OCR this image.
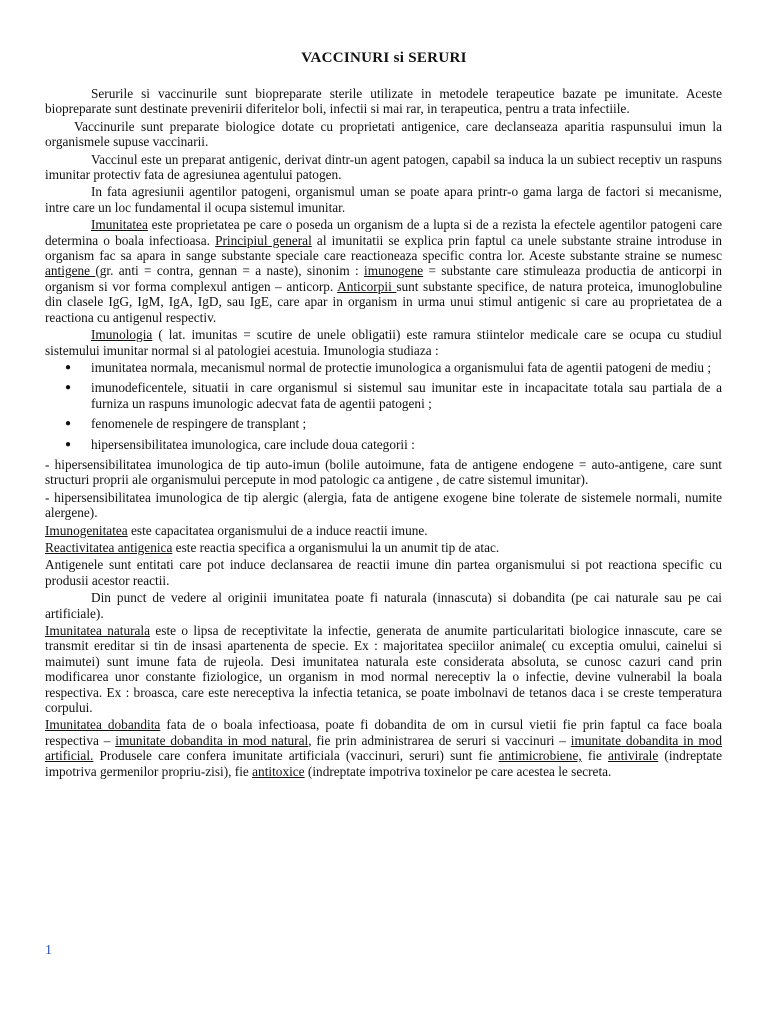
VACCINURI si SERURI

Serurile si vaccinurile sunt biopreparate sterile utilizate in metodele terapeutice bazate pe imunitate. Aceste biopreparate sunt destinate prevenirii diferitelor boli, infectii si mai rar, in terapeutica, pentru a trata infectiile.

Vaccinurile sunt preparate biologice dotate cu proprietati antigenice, care declanseaza aparitia raspunsului imun la organismele supuse vaccinarii.

Vaccinul este un preparat antigenic, derivat dintr-un agent patogen, capabil sa induca la un subiect receptiv un raspuns imunitar protectiv fata de agresiunea agentului patogen.

In fata agresiunii agentilor patogeni, organismul uman se poate apara printr-o gama larga de factori si mecanisme, intre care un loc fundamental il ocupa sistemul imunitar.

Imunitatea este proprietatea pe care o poseda un organism de a lupta si de a rezista la efectele agentilor patogeni care determina o boala infectioasa. Principiul general al imunitatii se explica prin faptul ca unele substante straine introduse in organism fac sa apara in sange substante speciale care reactioneaza specific contra lor. Aceste substante straine se numesc antigene (gr. anti = contra, gennan = a naste), sinonim : imunogene = substante care stimuleaza productia de anticorpi in organism si vor forma complexul antigen – anticorp. Anticorpii sunt substante specifice, de natura proteica, imunoglobuline din clasele IgG, IgM, IgA, IgD, sau IgE, care apar in organism in urma unui stimul antigenic si care au proprietatea de a reactiona cu antigenul respectiv.

Imunologia ( lat. imunitas = scutire de unele obligatii) este ramura stiintelor medicale care se ocupa cu studiul sistemului imunitar normal si al patologiei acestuia. Imunologia studiaza :

● imunitatea normala, mecanismul normal de protectie imunologica a organismului fata de agentii patogeni de mediu ;
● imunodeficentele, situatii in care organismul si sistemul sau imunitar este in incapacitate totala sau partiala de a furniza un raspuns imunologic adecvat fata de agentii patogeni ;
● fenomenele de respingere de transplant ;
● hipersensibilitatea imunologica, care include doua categorii :

- hipersensibilitatea imunologica de tip auto-imun (bolile autoimune, fata de antigene endogene = auto-antigene, care sunt structuri proprii ale organismului percepute in mod patologic ca antigene , de catre sistemul imunitar).

- hipersensibilitatea imunologica de tip alergic (alergia, fata de antigene exogene bine tolerate de sistemele normali, numite alergene).

Imunogenitatea este capacitatea organismului de a induce reactii imune.

Reactivitatea antigenica este reactia specifica a organismului la un anumit tip de atac.

Antigenele sunt entitati care pot induce declansarea de reactii imune din partea organismului si pot reactiona specific cu produsii acestor reactii.

Din punct de vedere al originii imunitatea poate fi naturala (innascuta) si dobandita (pe cai naturale sau pe cai artificiale).

Imunitatea naturala este o lipsa de receptivitate la infectie, generata de anumite particularitati biologice innascute, care se transmit ereditar si tin de insasi apartenenta de specie. Ex : majoritatea speciilor animale( cu exceptia omului, cainelui si maimutei) sunt imune fata de rujeola. Desi imunitatea naturala este considerata absoluta, se cunosc cazuri cand prin modificarea unor constante fiziologice, un organism in mod normal nereceptiv la o infectie, devine vulnerabil la boala respectiva. Ex : broasca, care este nereceptiva la infectia tetanica, se poate imbolnavi de tetanos daca i se creste temperatura corpului.

Imunitatea dobandita fata de o boala infectioasa, poate fi dobandita de om in cursul vietii fie prin faptul ca face boala respectiva – imunitate dobandita in mod natural, fie prin administrarea de seruri si vaccinuri – imunitate dobandita in mod artificial. Produsele care confera imunitate artificiala (vaccinuri, seruri) sunt fie antimicrobiene, fie antivirale (indreptate impotriva germenilor propriu-zisi), fie antitoxice (indreptate impotriva toxinelor pe care acestea le secreta.

1
